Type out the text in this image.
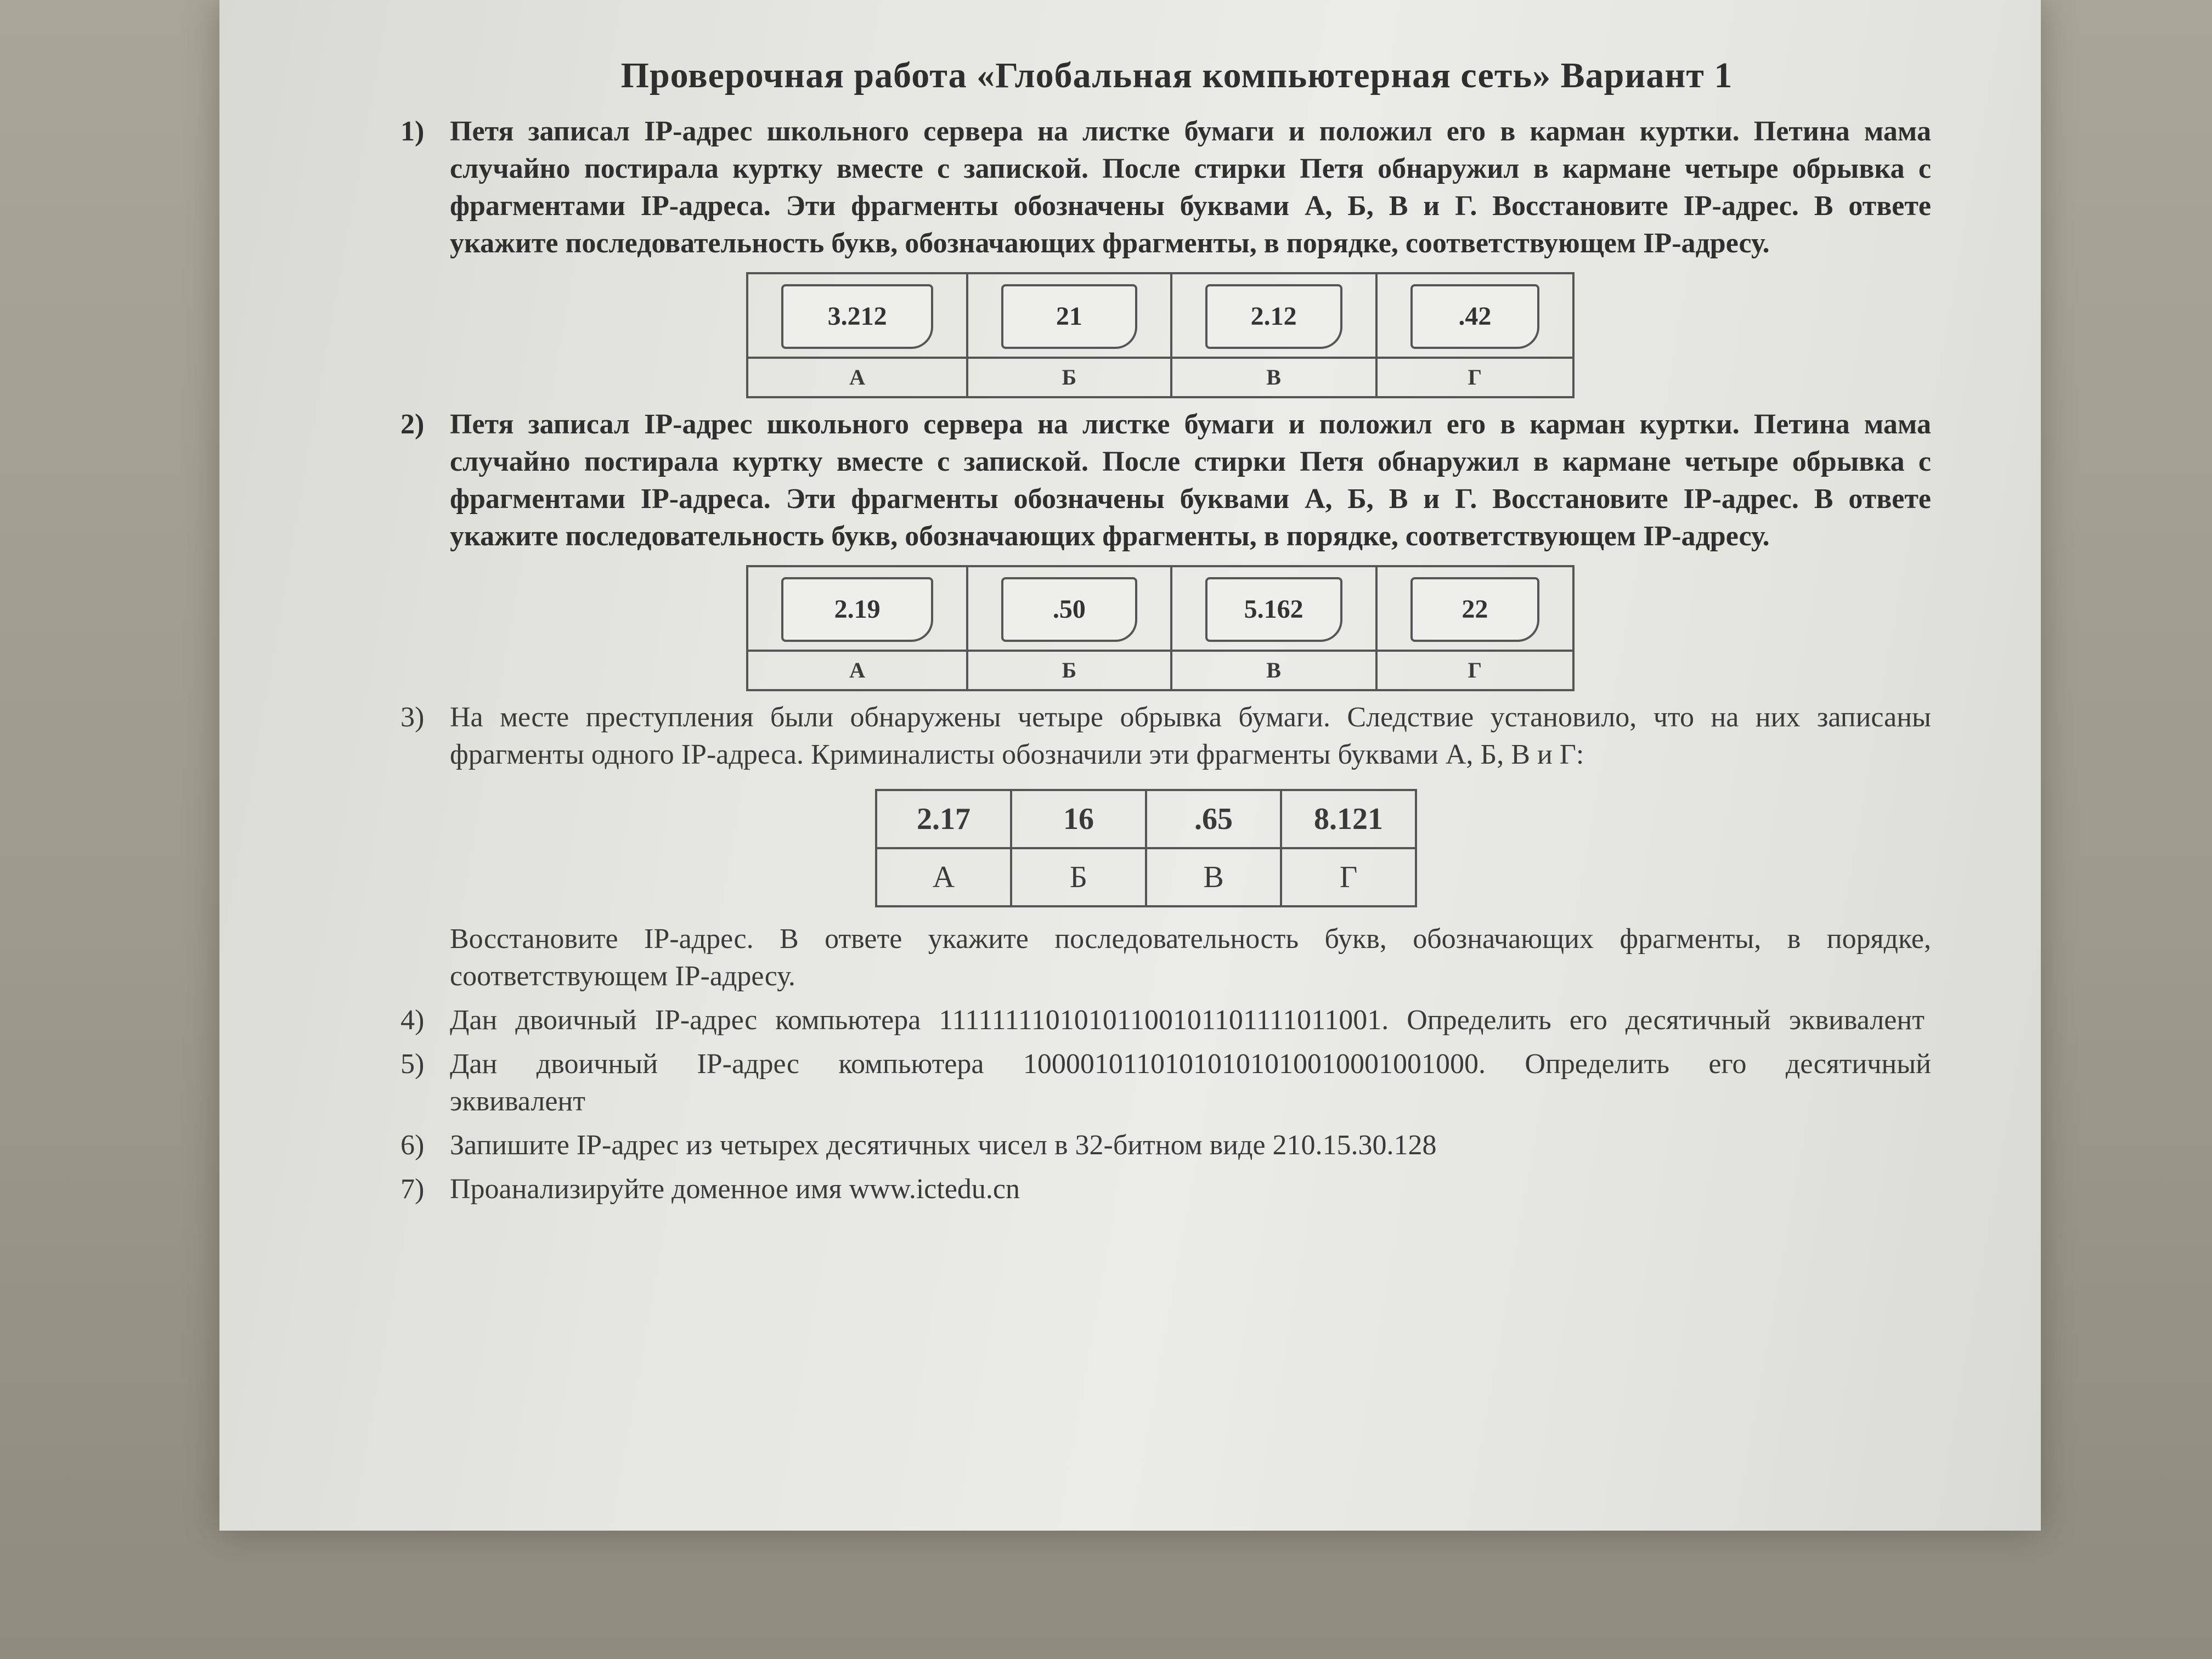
Проверочная работа «Глобальная компьютерная сеть» Вариант 1
1) Петя записал IP-адрес школьного сервера на листке бумаги и положил его в карман куртки. Петина мама случайно постирала куртку вместе с запиской. После стирки Петя обнаружил в кармане четыре обрывка с фрагментами IP-адреса. Эти фрагменты обозначены буквами А, Б, В и Г. Восстановите IP-адрес. В ответе укажите последовательность букв, обозначающих фрагменты, в порядке, соответствующем IP-адресу.
3.212	21	2.12	.42

А	Б	В	Г
2) Петя записал IP-адрес школьного сервера на листке бумаги и положил его в карман куртки. Петина мама случайно постирала куртку вместе с запиской. После стирки Петя обнаружил в кармане четыре обрывка с фрагментами IP-адреса. Эти фрагменты обозначены буквами А, Б, В и Г. Восстановите IP-адрес. В ответе укажите последовательность букв, обозначающих фрагменты, в порядке, соответствующем IP-адресу.
2.19	.50	5.162	22

А	Б	В	Г
3) На месте преступления были обнаружены четыре обрывка бумаги. Следствие установило, что на них записаны фрагменты одного IP-адреса. Криминалисты обозначили эти фрагменты буквами А, Б, В и Г:
2.17	16	.65	8.121
А	Б	В	Г
Восстановите IP-адрес. В ответе укажите последовательность букв, обозначающих фрагменты, в порядке, соответствующем IP-адресу.
4) Дан двоичный IP-адрес компьютера 11111111010101100101101111011001. Определить его десятичный эквивалент
5) Дан двоичный IP-адрес компьютера 10000101101010101010010001001000. Определить его десятичный эквивалент
6) Запишите IP-адрес из четырех десятичных чисел в 32-битном виде 210.15.30.128
7) Проанализируйте доменное имя www.ictedu.cn
